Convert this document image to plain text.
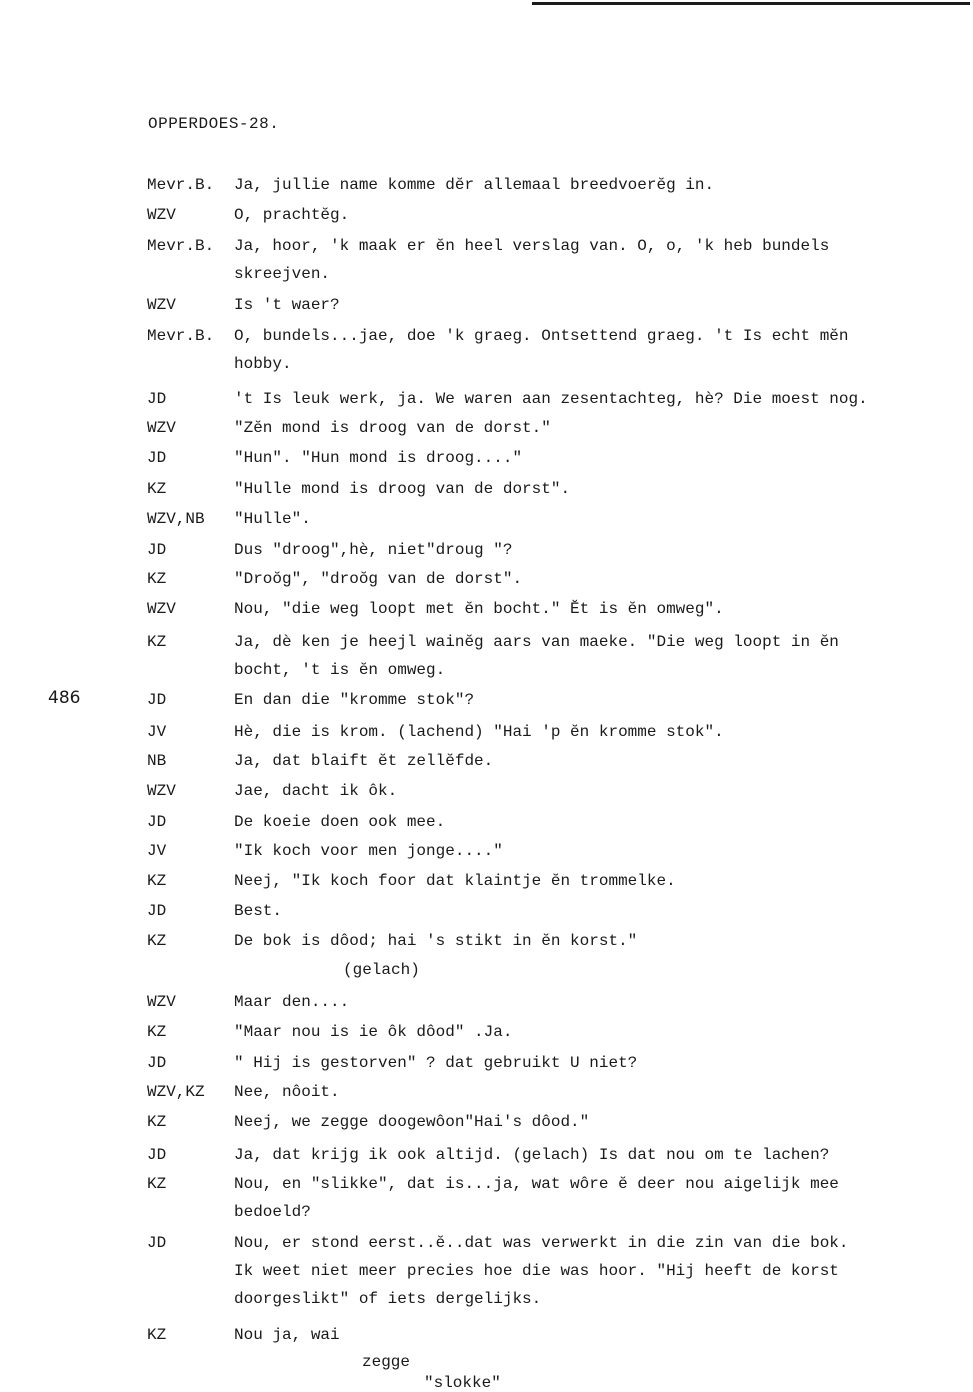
OPPERDOES-28.
486
Mevr.B. Ja, jullie name komme dĕr allemaal breedvoerĕg in.
WZV	O, prachtĕg.
Mevr.B. Ja, hoor, 'k maak er ĕn heel verslag van. O, o, 'k heb bundels
skreejven.
WZV	Is 't waer?
Mevr.B. O, bundels...jae, doe 'k graeg. Ontsettend graeg. 't Is echt mĕn
hobby.
JD	't Is leuk werk, ja. We waren aan zesentachteg, hè? Die moest nog.
WZV	"Zĕn mond is droog van de dorst."
JD	"Hun". "Hun mond is droog...."
KZ	"Hulle mond is droog van de dorst".
WZV,NB "Hulle".
JD	Dus "droog",hè, niet"droug "?
KZ	"Droŏg", "droŏg van de dorst".
WZV	Nou, "die weg loopt met ĕn bocht." Ĕt is ĕn omweg".
KZ	Ja, dè ken je heejl wainĕg aars van maeke. "Die weg loopt in ĕn
bocht, 't is ĕn omweg.
JD	En dan die "kromme stok"?
JV	Hè, die is krom. (lachend) "Hai 'p ĕn kromme stok".
NB	Ja, dat blaift ĕt zellĕfde.
WZV	Jae, dacht ik ôk.
JD	De koeie doen ook mee.
JV	"Ik koch voor men jonge...."
KZ	Neej, "Ik koch foor dat klaintje ĕn trommelke.
JD	Best.
KZ	De bok is dôod; hai 's stikt in ĕn korst."
WZV	Maar den....
KZ	"Maar nou is ie ôk dôod" .Ja.
JD	" Hij is gestorven" ? dat gebruikt U niet?
WZV,KZ Nee, nôoit.
KZ	Neej, we zegge doogewôon"Hai's dôod."
JD	Ja, dat krijg ik ook altijd. (gelach) Is dat nou om te lachen?
KZ	Nou, en "slikke", dat is...ja, wat wôre ĕ deer nou aigelijk mee
bedoeld?
JD	Nou, er stond eerst..ĕ..dat was verwerkt in die zin van die bok.
Ik weet niet meer precies hoe die was hoor. "Hij heeft de korst
doorgeslikt" of iets dergelijks.
KZ	Nou ja, wai
(gelach)
zegge
"slokke"
